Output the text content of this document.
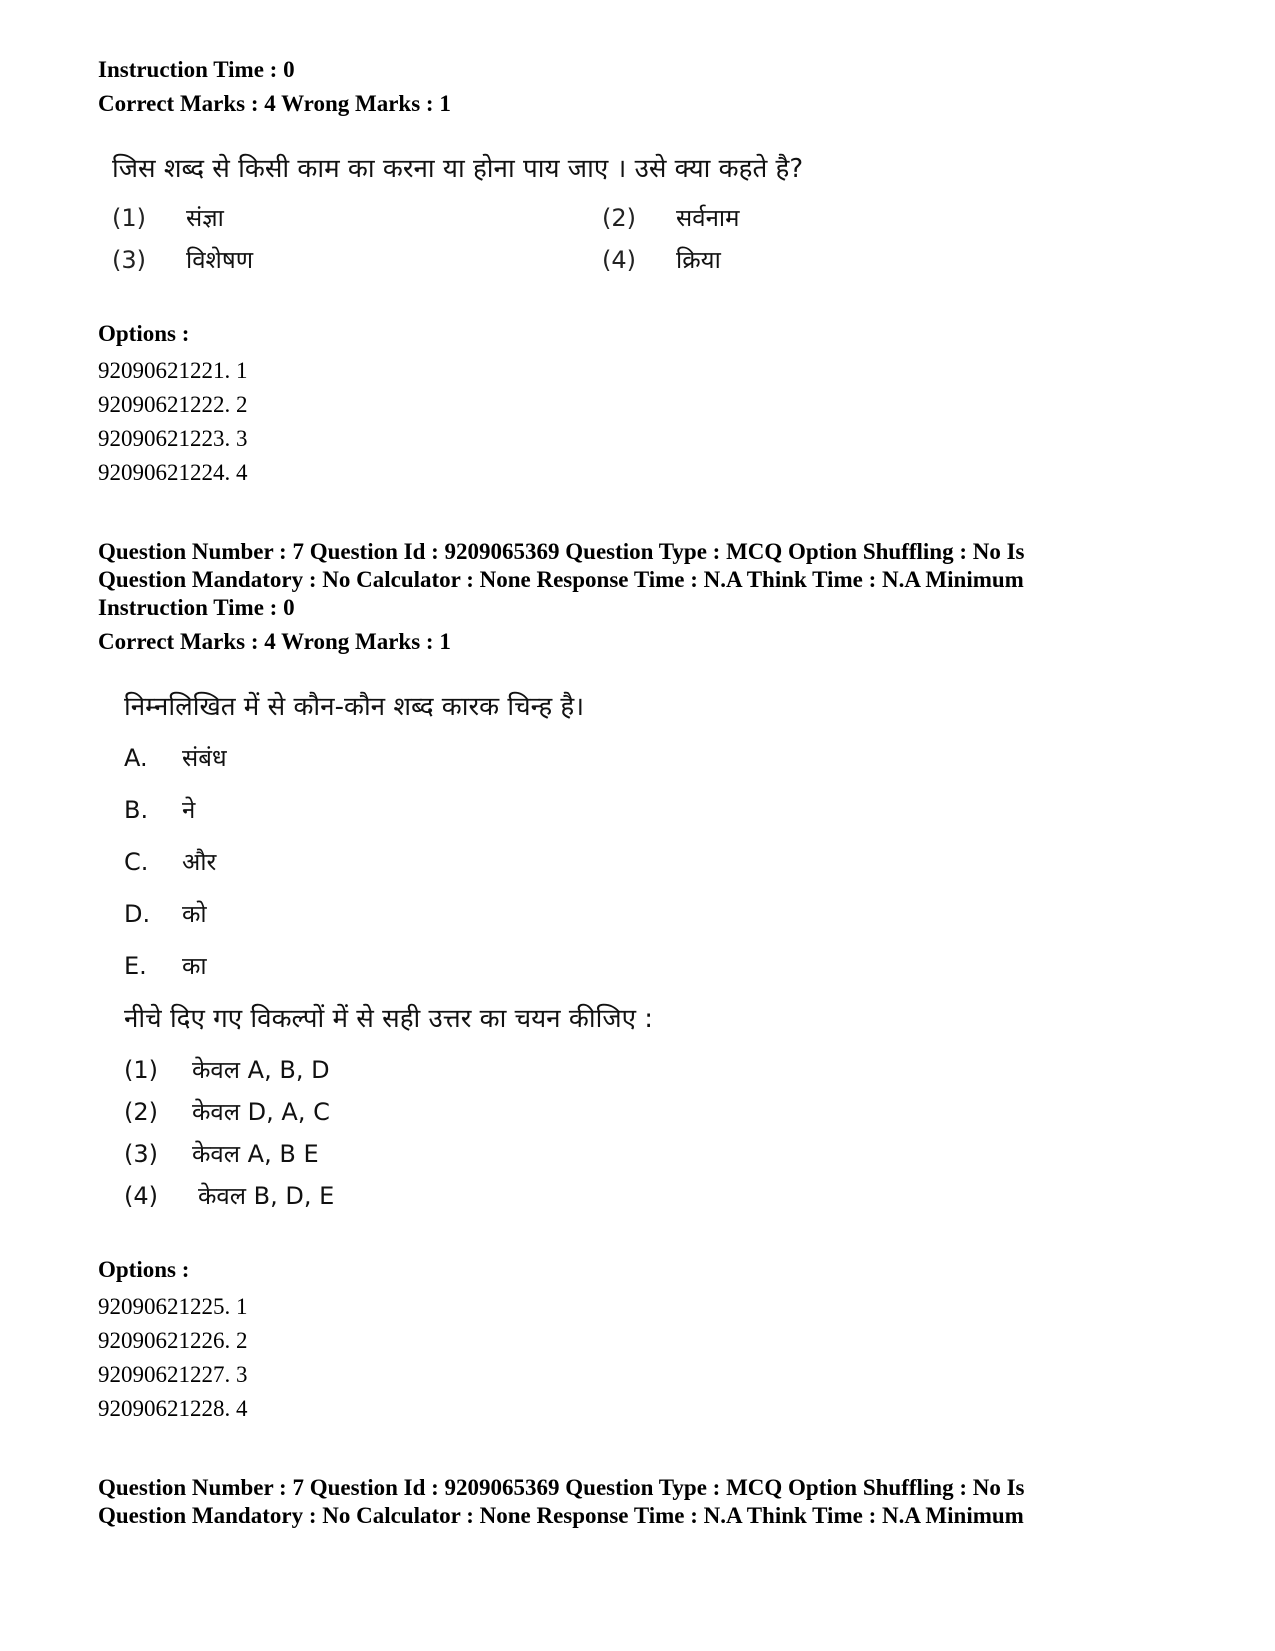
Instruction Time : 0

Correct Marks : 4 Wrong Marks : 1

जिस शब्द से किसी काम का करना या होना पाय जाए । उसे क्या कहते है?
(1)	संज्ञा	(2)	सर्वनाम
(3)	विशेषण	(4)	क्रिया
Options :
92090621221. 1
92090621222. 2
92090621223. 3
92090621224. 4

Question Number : 7 Question Id : 9209065369 Question Type : MCQ Option Shuffling : No Is

Question Mandatory : No Calculator : None Response Time : N.A Think Time : N.A Minimum

Instruction Time : 0

Correct Marks : 4 Wrong Marks : 1

निम्नलिखित में से कौन-कौन शब्द कारक चिन्ह है।
A.	संबंध
B.	ने
C.	और
D.	को
E.	का
नीचे दिए गए विकल्पों में से सही उत्तर का चयन कीजिए :
(1)	केवल A, B, D
(2)	केवल D, A, C
(3)	केवल A, B E
(4)	केवल B, D, E
Options :
92090621225. 1
92090621226. 2
92090621227. 3
92090621228. 4

Question Number : 7 Question Id : 9209065369 Question Type : MCQ Option Shuffling : No Is

Question Mandatory : No Calculator : None Response Time : N.A Think Time : N.A Minimum
